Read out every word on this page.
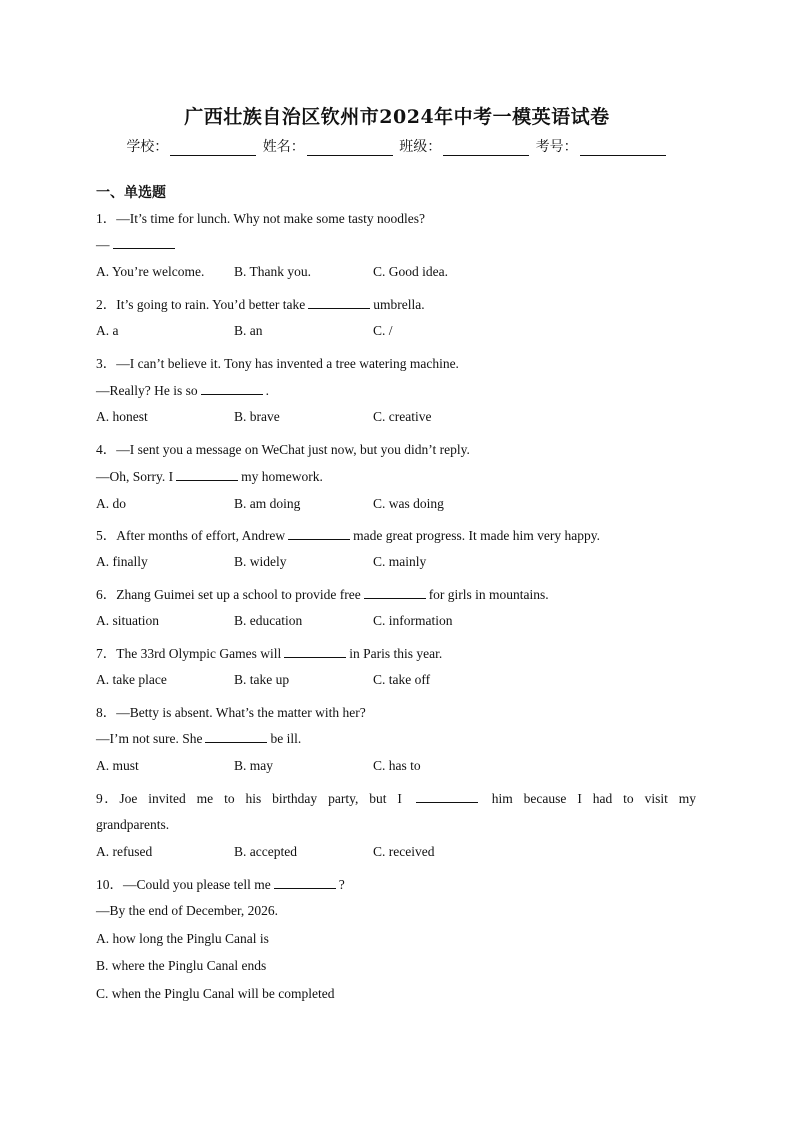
广西壮族自治区钦州市2024年中考一模英语试卷
学校：	姓名：	班级：	考号：
一、单选题
1．—It’s time for lunch. Why not make some tasty noodles?
—
A. You’re welcome. B. Thank you.	C. Good idea.
2．It’s going to rain. You’d better take	umbrella.
A. a	B. an	C. /
3．—I can’t believe it. Tony has invented a tree watering machine.
—Really? He is so	.
A. honest	B. brave	C. creative
4．—I sent you a message on WeChat just now, but you didn’t reply.
—Oh, Sorry. I	my homework.
A. do	B. am doing	C. was doing
5．After months of effort, Andrew	made great progress. It made him very happy.
A. finally	B. widely	C. mainly
6．Zhang Guimei set up a school to provide free	for girls in mountains.
A. situation	B. education	C. information
7．The 33rd Olympic Games will	in Paris this year.
A. take place	B. take up	C. take off
8．—Betty is absent. What’s the matter with her?
—I’m not sure. She	be ill.
A. must	B. may	C. has to
9．Joe invited me to his birthday party, but I	him because I had to visit my
grandparents.
A. refused	B. accepted	C. received
10．—Could you please tell me	?
—By the end of December, 2026.
A. how long the Pinglu Canal is
B. where the Pinglu Canal ends
C. when the Pinglu Canal will be completed
